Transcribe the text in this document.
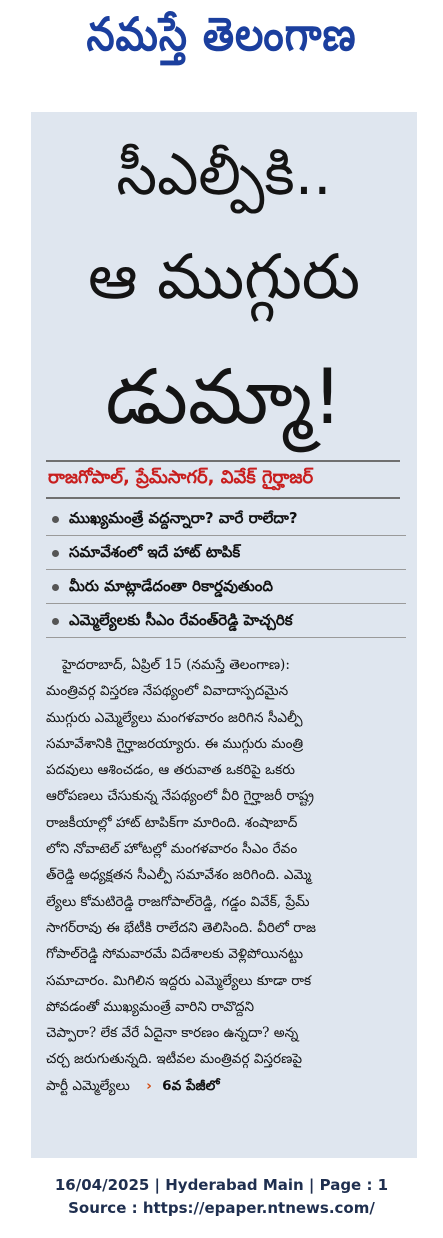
నమస్తే తెలంగాణ
సీఎల్పీకి..
ఆ ముగ్గురు
డుమ్మా!
రాజగోపాల్, ప్రేమ్‌సాగర్, వివేక్ గైర్హాజర్
ముఖ్యమంత్రే వద్దన్నారా? వారే రాలేదా?
సమావేశంలో ఇదే హాట్ టాపిక్
మీరు మాట్లాడేదంతా రికార్డవుతుంది
ఎమ్మెల్యేలకు సీఎం రేవంత్‌రెడ్డి హెచ్చరిక
హైదరాబాద్, ఏప్రిల్ 15 (నమస్తే తెలంగాణ):
మంత్రివర్గ విస్తరణ నేపథ్యంలో వివాదాస్పదమైన
ముగ్గురు ఎమ్మెల్యేలు మంగళవారం జరిగిన సీఎల్పీ
సమావేశానికి గైర్హాజరయ్యారు. ఈ ముగ్గురు మంత్రి
పదవులు ఆశించడం, ఆ తరువాత ఒకరిపై ఒకరు
ఆరోపణలు చేసుకున్న నేపథ్యంలో వీరి గైర్హాజరీ రాష్ట్ర
రాజకీయాల్లో హాట్ టాపిక్‌గా మారింది. శంషాబాద్
లోని నోవాటెల్ హోటల్లో మంగళవారం సీఎం రేవం
త్‌రెడ్డి అధ్యక్షతన సీఎల్పీ సమావేశం జరిగింది. ఎమ్మె
ల్యేలు కోమటిరెడ్డి రాజగోపాల్‌రెడ్డి, గడ్డం వివేక్, ప్రేమ్
సాగర్‌రావు ఈ భేటీకి రాలేదని తెలిసింది. వీరిలో రాజ
గోపాల్‌రెడ్డి సోమవారమే విదేశాలకు వెళ్లిపోయినట్టు
సమాచారం. మిగిలిన ఇద్దరు ఎమ్మెల్యేలు కూడా రాక
పోవడంతో ముఖ్యమంత్రే వారిని రావొద్దని
చెప్పారా? లేక వేరే ఏదైనా కారణం ఉన్నదా? అన్న
చర్చ జరుగుతున్నది. ఇటీవల మంత్రివర్గ విస్తరణపై
పార్టీ ఎమ్మెల్యేలు › 6వ పేజీలో
16/04/2025 | Hyderabad Main | Page : 1
Source : https://epaper.ntnews.com/
